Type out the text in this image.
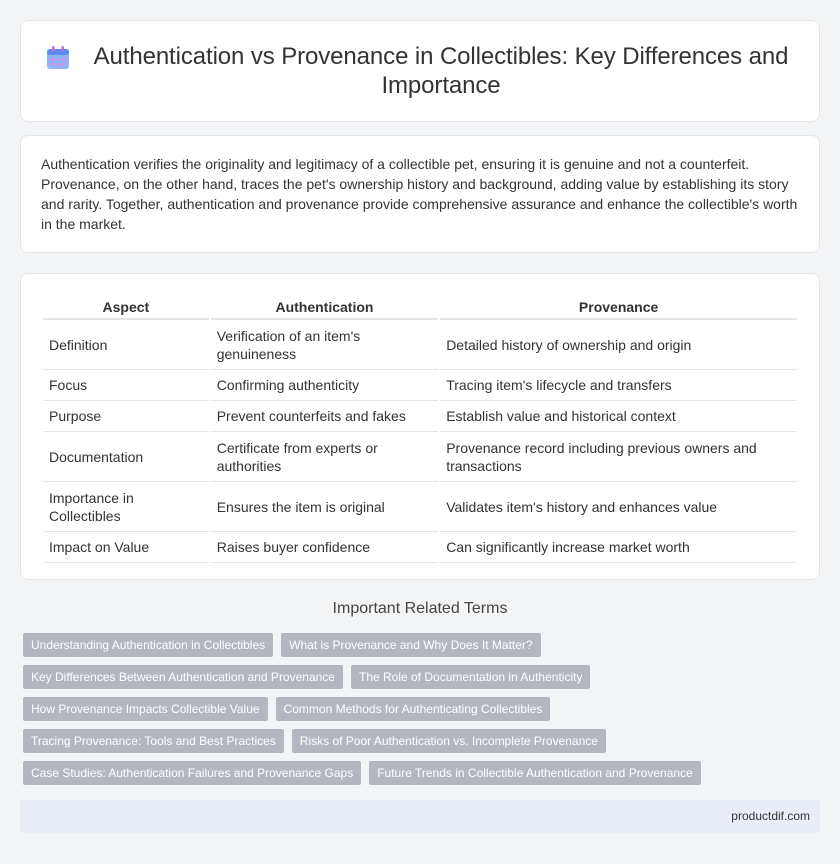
Authentication vs Provenance in Collectibles: Key Differences and Importance

Authentication verifies the originality and legitimacy of a collectible pet, ensuring it is genuine and not a counterfeit. Provenance, on the other hand, traces the pet's ownership history and background, adding value by establishing its story and rarity. Together, authentication and provenance provide comprehensive assurance and enhance the collectible's worth in the market.

Aspect	Authentication	Provenance
Definition	Verification of an item's genuineness	Detailed history of ownership and origin
Focus	Confirming authenticity	Tracing item's lifecycle and transfers
Purpose	Prevent counterfeits and fakes	Establish value and historical context
Documentation	Certificate from experts or authorities	Provenance record including previous owners and transactions
Importance in Collectibles	Ensures the item is original	Validates item's history and enhances value
Impact on Value	Raises buyer confidence	Can significantly increase market worth
Important Related Terms
Understanding Authentication in Collectibles	What is Provenance and Why Does It Matter?
Key Differences Between Authentication and Provenance	The Role of Documentation in Authenticity
How Provenance Impacts Collectible Value	Common Methods for Authenticating Collectibles
Tracing Provenance: Tools and Best Practices	Risks of Poor Authentication vs. Incomplete Provenance
Case Studies: Authentication Failures and Provenance Gaps	Future Trends in Collectible Authentication and Provenance
productdif.com
